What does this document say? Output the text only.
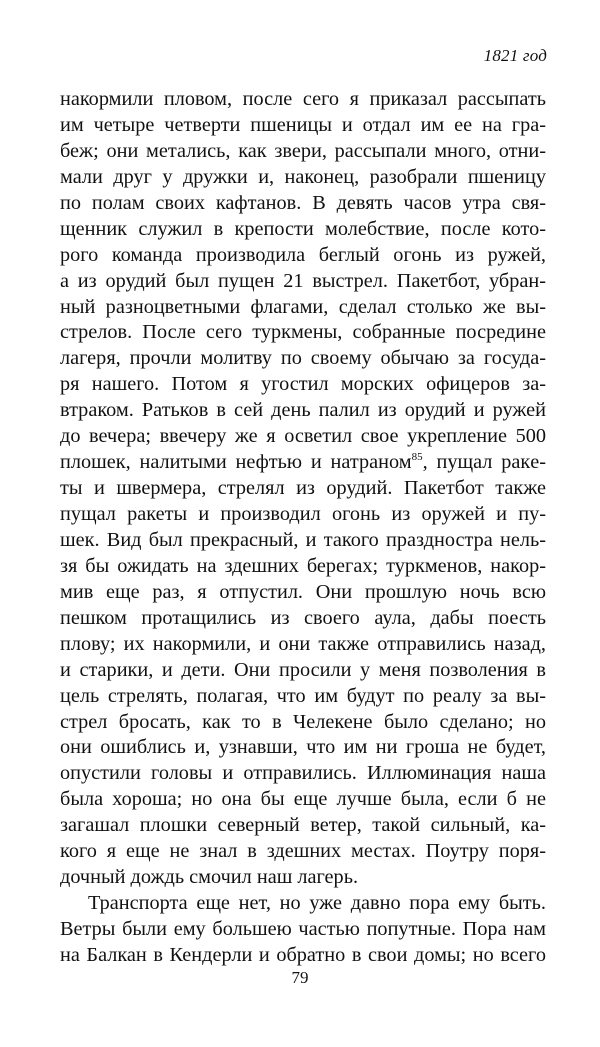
1821 год
накормили пловом, после сего я приказал рассыпать
им четыре четверти пшеницы и отдал им ее на гра-
беж; они метались, как звери, рассыпали много, отни-
мали друг у дружки и, наконец, разобрали пшеницу
по полам своих кафтанов. В девять часов утра свя-
щенник служил в крепости молебствие, после кото-
рого команда производила беглый огонь из ружей,
а из орудий был пущен 21 выстрел. Пакетбот, убран-
ный разноцветными флагами, сделал столько же вы-
стрелов. После сего туркмены, собранные посредине
лагеря, прочли молитву по своему обычаю за госуда-
ря нашего. Потом я угостил морских офицеров за-
втраком. Ратьков в сей день палил из орудий и ружей
до вечера; ввечеру же я осветил свое укрепление 500
плошек, налитыми нефтью и натраном$^{85}$, пущал ракe-
ты и швермера, стрелял из орудий. Пакетбот также
пущал ракеты и производил огонь из оружей и пу-
шек. Вид был прекрасный, и такого праздностра нель-
зя бы ожидать на здешних берегах; туркменов, накор-
мив еще раз, я отпустил. Они прошлую ночь всю
пешком протащились из своего аула, дабы поесть
плову; их накормили, и они также отправились назад,
и старики, и дети. Они просили у меня позволения в
цель стрелять, полагая, что им будут по реалу за вы-
стрел бросать, как то в Челекене было сделано; но
они ошиблись и, узнавши, что им ни гроша не будет,
опустили головы и отправились. Иллюминация наша
была хороша; но она бы еще лучше была, если б не
загашал плошки северный ветер, такой сильный, ка-
кого я еще не знал в здешних местах. Поутру поря-
дочный дождь смочил наш лагерь.
Транспорта еще нет, но уже давно пора ему быть.
Ветры были ему большею частью попутные. Пора нам
на Балкан в Кендерли и обратно в свои домы; но всего
79
